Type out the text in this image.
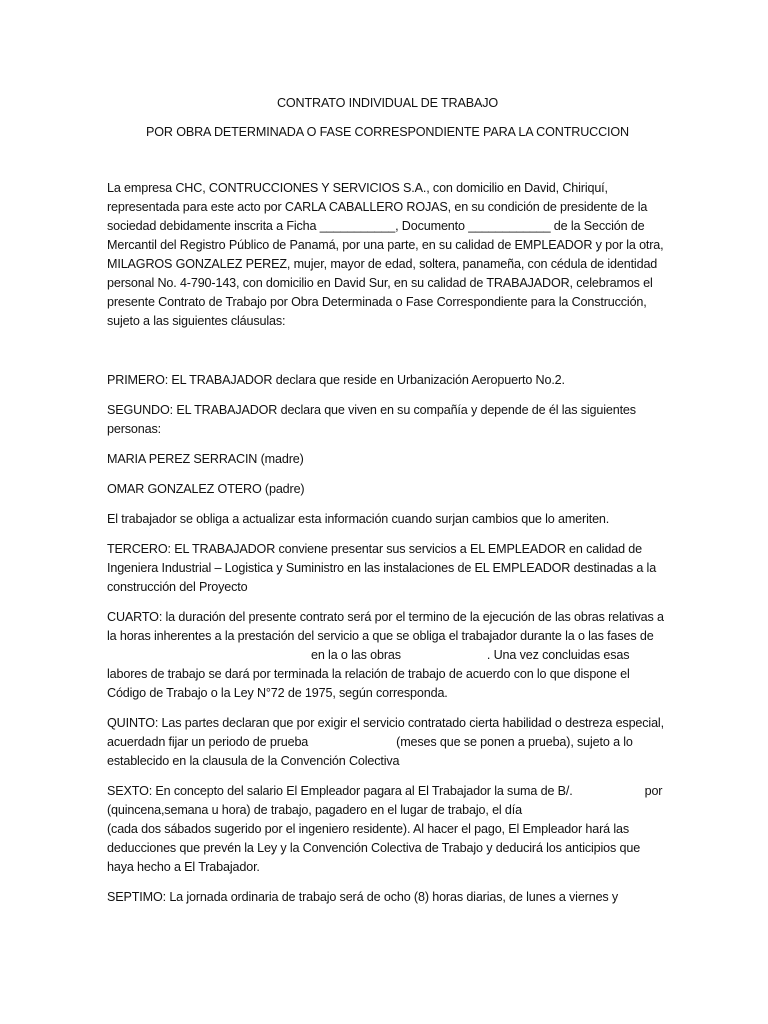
CONTRATO INDIVIDUAL DE TRABAJO

POR OBRA DETERMINADA O FASE CORRESPONDIENTE PARA LA CONTRUCCION

La empresa CHC, CONTRUCCIONES Y SERVICIOS S.A., con domicilio en David, Chiriquí, representada para este acto por CARLA CABALLERO ROJAS, en su condición de presidente de la sociedad debidamente inscrita a Ficha ___________, Documento ____________ de la Sección de Mercantil del Registro Público de Panamá, por una parte, en su calidad de EMPLEADOR y por la otra, MILAGROS GONZALEZ PEREZ, mujer, mayor de edad, soltera, panameña, con cédula de identidad personal No. 4-790-143, con domicilio en David Sur, en su calidad de TRABAJADOR, celebramos el presente Contrato de Trabajo por Obra Determinada o Fase Correspondiente para la Construcción, sujeto a las siguientes cláusulas:

PRIMERO: EL TRABAJADOR declara que reside en Urbanización Aeropuerto No.2.

SEGUNDO: EL TRABAJADOR declara que viven en su compañía y depende de él las siguientes personas:

MARIA PEREZ SERRACIN (madre)

OMAR GONZALEZ OTERO (padre)

El trabajador se obliga a actualizar esta información cuando surjan cambios que lo ameriten.

TERCERO: EL TRABAJADOR conviene presentar sus servicios a EL EMPLEADOR en calidad de Ingeniera Industrial – Logistica y Suministro en las instalaciones de EL EMPLEADOR destinadas a la construcción del Proyecto

CUARTO: la duración del presente contrato será por el termino de la ejecución de las obras relativas a la horas inherentes a la prestación del servicio a que se obliga el trabajador durante la o las fases deen la o las obras	. Una vez concluidas esas labores de trabajo se dará por terminada la relación de trabajo de acuerdo con lo que dispone el Código de Trabajo o la Ley N°72 de 1975, según corresponda.

QUINTO: Las partes declaran que por exigir el servicio contratado cierta habilidad o destreza especial, acuerdadn fijar un periodo de prueba	(meses que se ponen a prueba), sujeto a lo establecido en la clausula de la Convención Colectiva

SEXTO: En concepto del salario El Empleador pagara al El Trabajador la suma de B/.	por (quincena,semana u hora) de trabajo, pagadero en el lugar de trabajo, el día
(cada dos sábados sugerido por el ingeniero residente). Al hacer el pago, El Empleador hará las deducciones que prevén la Ley y la Convención Colectiva de Trabajo y deducirá los anticipios que haya hecho a El Trabajador.

SEPTIMO: La jornada ordinaria de trabajo será de ocho (8) horas diarias, de lunes a viernes y
